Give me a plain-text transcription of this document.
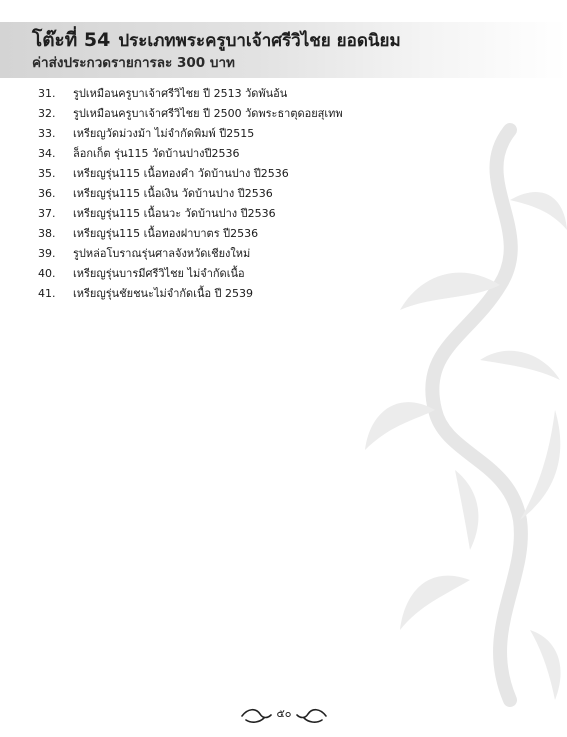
โต๊ะที่ 54 ประเภทพระครูบาเจ้าศรีวิไชย ยอดนิยม
ค่าส่งประกวดรายการละ 300 บาท
31.	รูปเหมือนครูบาเจ้าศรีวิไชย ปี 2513 วัดพันอ้น
32.	รูปเหมือนครูบาเจ้าศรีวิไชย ปี 2500 วัดพระธาตุดอยสุเทพ
33.	เหรียญวัดม่วงม้า ไม่จำกัดพิมพ์ ปี2515
34.	ล็อกเก็ต รุ่น115 วัดบ้านปางปี2536
35.	เหรียญรุ่น115 เนื้อทองคำ วัดบ้านปาง ปี2536
36.	เหรียญรุ่น115 เนื้อเงิน วัดบ้านปาง ปี2536
37.	เหรียญรุ่น115 เนื้อนวะ วัดบ้านปาง ปี2536
38.	เหรียญรุ่น115 เนื้อทองฝาบาตร ปี2536
39.	รูปหล่อโบราณรุ่นศาลจังหวัดเชียงใหม่
40.	เหรียญรุ่นบารมีศรีวิไชย ไม่จำกัดเนื้อ
41.	เหรียญรุ่นชัยชนะไม่จำกัดเนื้อ ปี 2539
๕๐
